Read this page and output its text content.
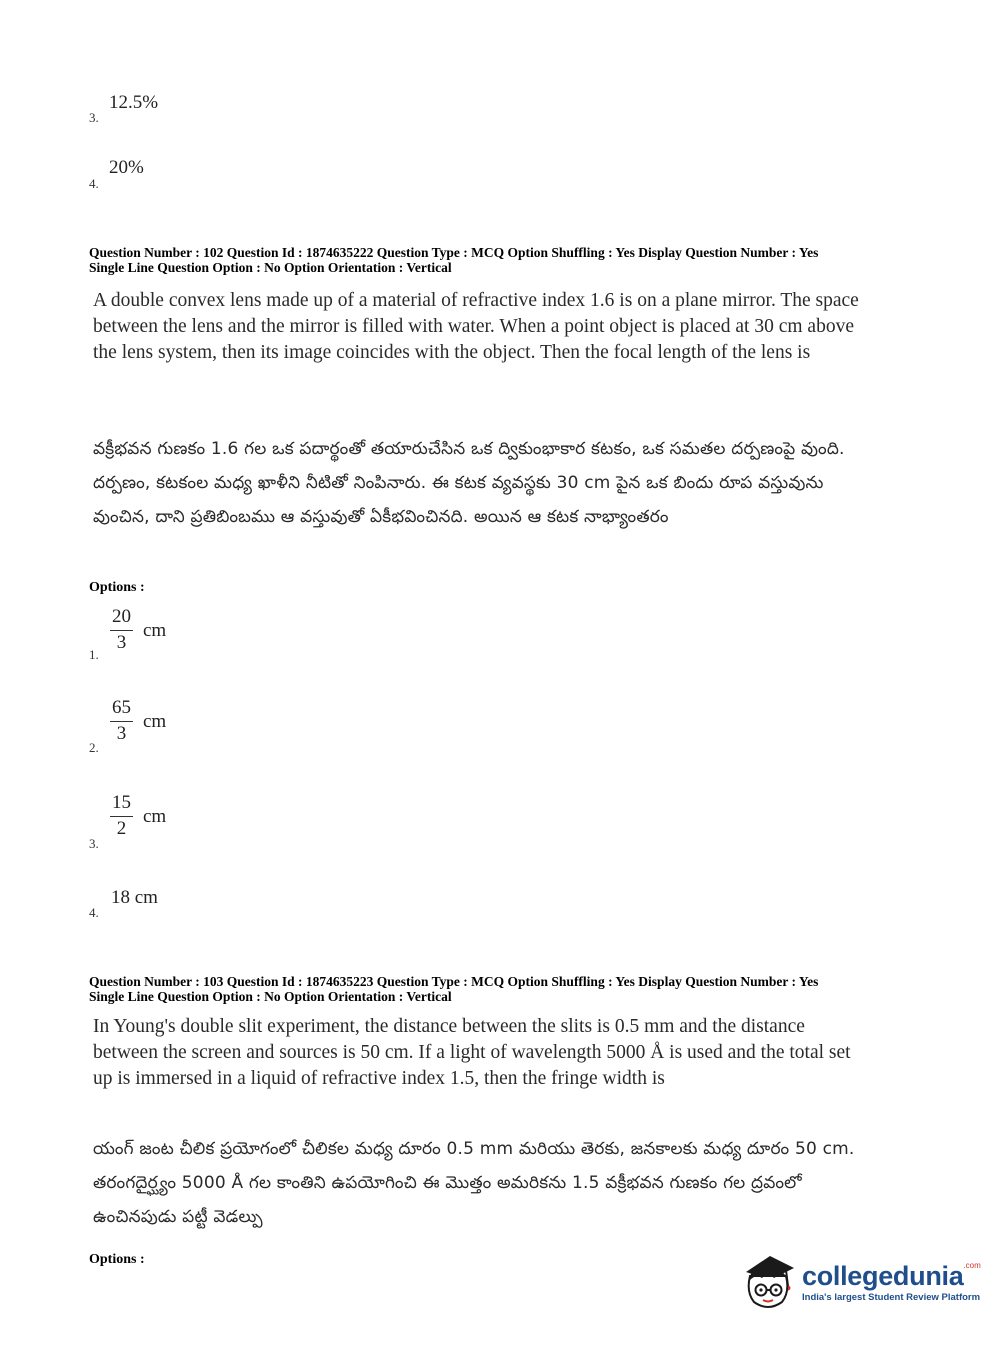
3.
12.5%
4.
20%
Question Number : 102 Question Id : 1874635222 Question Type : MCQ Option Shuffling : Yes Display Question Number : Yes
Single Line Question Option : No Option Orientation : Vertical
A double convex lens made up of a material of refractive index 1.6 is on a plane mirror. The space between the lens and the mirror is filled with water. When a point object is placed at 30 cm above the lens system, then its image coincides with the object. Then the focal length of the lens is
వక్రీభవన గుణకం 1.6 గల ఒక పదార్థంతో తయారుచేసిన ఒక ద్వికుంభాకార కటకం, ఒక సమతల దర్పణంపై వుంది. దర్పణం, కటకంల మధ్య ఖాళీని నీటితో నింపినారు. ఈ కటక వ్యవస్థకు 30 cm పైన ఒక బిందు రూప వస్తువును వుంచిన, దాని ప్రతిబింబము ఆ వస్తువుతో ఏకీభవించినది. అయిన ఆ కటక నాభ్యాంతరం
Options :
1. $\frac{20}{3}$ cm
2.
$\frac{65}{3}$ cm
3.
$\frac{15}{2}$ cm
4.
18 cm
Question Number : 103 Question Id : 1874635223 Question Type : MCQ Option Shuffling : Yes Display Question Number : Yes
Single Line Question Option : No Option Orientation : Vertical
In Young's double slit experiment, the distance between the slits is 0.5 mm and the distance between the screen and sources is 50 cm. If a light of wavelength 5000 Å is used and the total set up is immersed in a liquid of refractive index 1.5, then the fringe width is
యంగ్ జంట చీలిక ప్రయోగంలో చీలికల మధ్య దూరం 0.5 mm మరియు తెరకు, జనకాలకు మధ్య దూరం 50 cm. తరంగదైర్ఘ్యం 5000 Å గల కాంతిని ఉపయోగించి ఈ మొత్తం అమరికను 1.5 వక్రీభవన గుణకం గల ద్రవంలో ఉంచినపుడు పట్టీ వెడల్పు
Options :
collegedunia$^{.com}$
India's largest Student Review Platform
